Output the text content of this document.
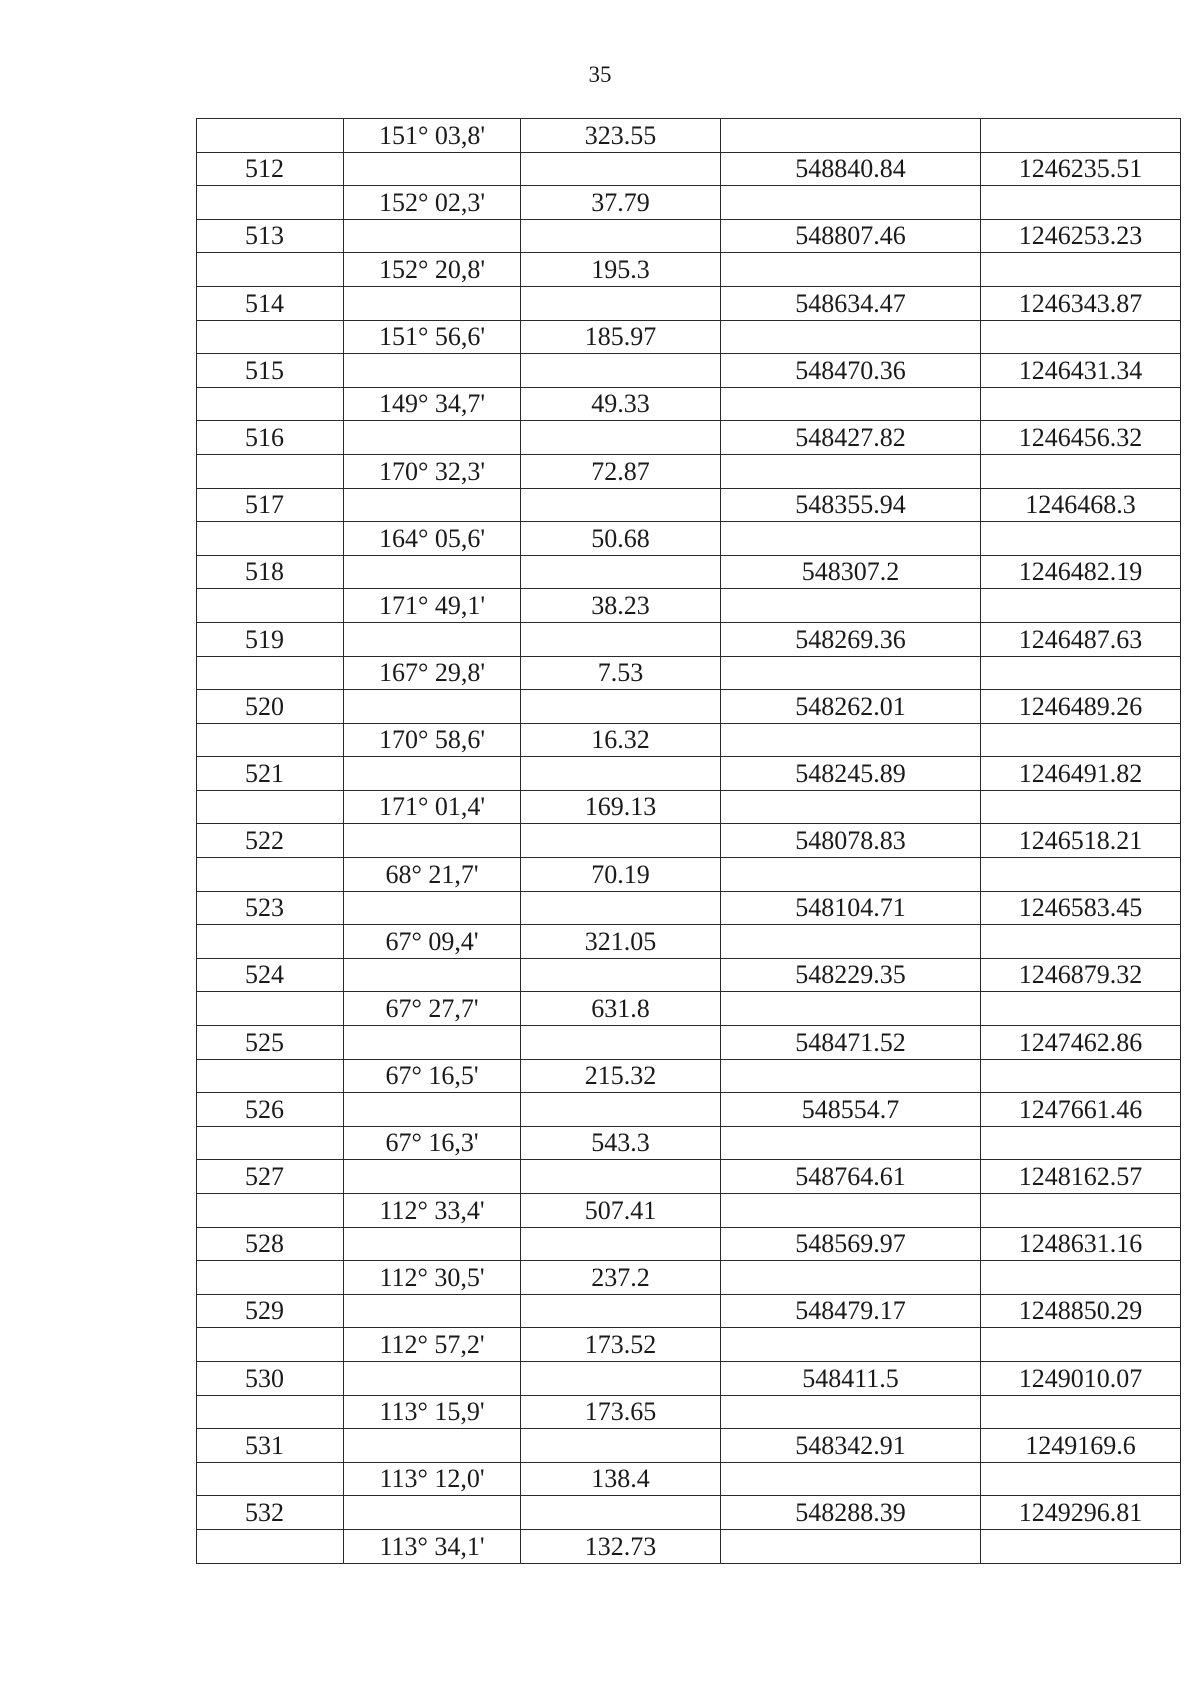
35
	151° 03,8'	323.55		
512			548840.84	1246235.51
	152° 02,3'	37.79		
513			548807.46	1246253.23
	152° 20,8'	195.3		
514			548634.47	1246343.87
	151° 56,6'	185.97		
515			548470.36	1246431.34
	149° 34,7'	49.33		
516			548427.82	1246456.32
	170° 32,3'	72.87		
517			548355.94	1246468.3
	164° 05,6'	50.68		
518			548307.2	1246482.19
	171° 49,1'	38.23		
519			548269.36	1246487.63
	167° 29,8'	7.53		
520			548262.01	1246489.26
	170° 58,6'	16.32		
521			548245.89	1246491.82
	171° 01,4'	169.13		
522			548078.83	1246518.21
	68° 21,7'	70.19		
523			548104.71	1246583.45
	67° 09,4'	321.05		
524			548229.35	1246879.32
	67° 27,7'	631.8		
525			548471.52	1247462.86
	67° 16,5'	215.32		
526			548554.7	1247661.46
	67° 16,3'	543.3		
527			548764.61	1248162.57
	112° 33,4'	507.41		
528			548569.97	1248631.16
	112° 30,5'	237.2		
529			548479.17	1248850.29
	112° 57,2'	173.52		
530			548411.5	1249010.07
	113° 15,9'	173.65		
531			548342.91	1249169.6
	113° 12,0'	138.4		
532			548288.39	1249296.81
	113° 34,1'	132.73		
